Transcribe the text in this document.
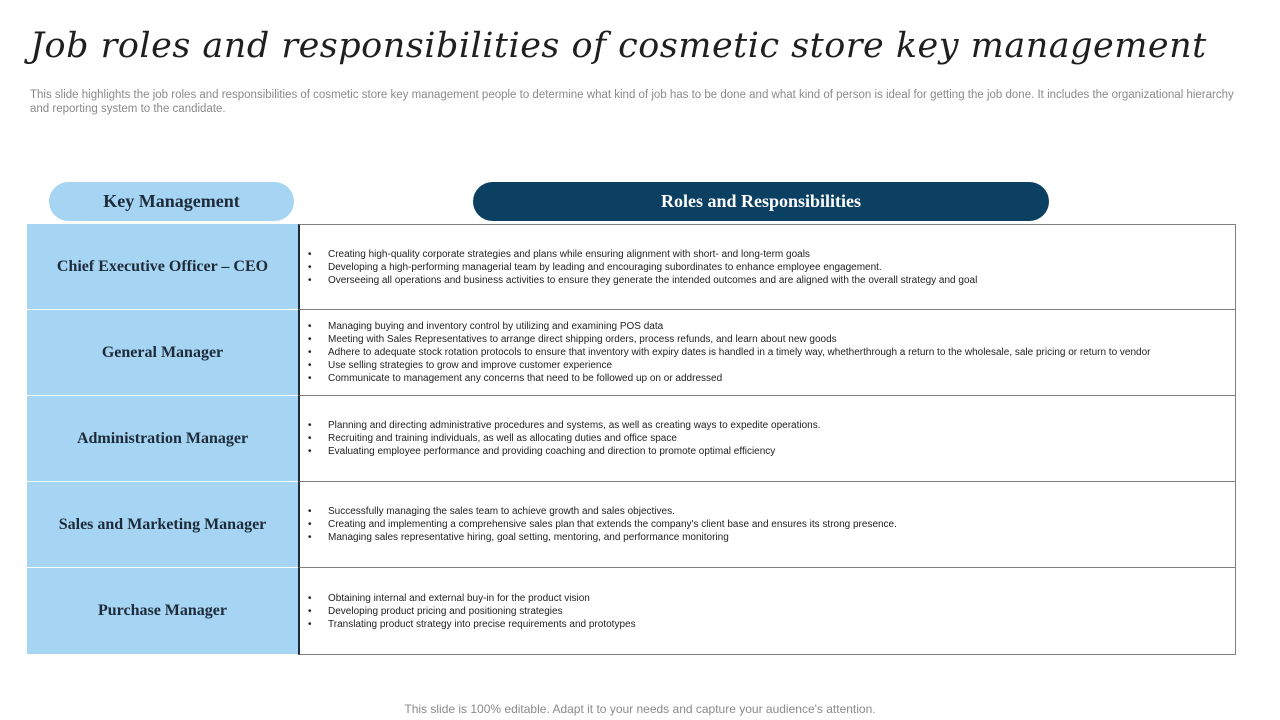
Job roles and responsibilities of cosmetic store key management
This slide highlights the job roles and responsibilities of cosmetic store key management people to determine what kind of job has to be done and what kind of person is ideal for getting the job done. It includes the organizational hierarchy and reporting system to the candidate.
Key Management	Roles and Responsibilities
Chief Executive Officer – CEO
• Creating high-quality corporate strategies and plans while ensuring alignment with short- and long-term goals
• Developing a high-performing managerial team by leading and encouraging subordinates to enhance employee engagement.
• Overseeing all operations and business activities to ensure they generate the intended outcomes and are aligned with the overall strategy and goal
General Manager
• Managing buying and inventory control by utilizing and examining POS data
• Meeting with Sales Representatives to arrange direct shipping orders, process refunds, and learn about new goods
• Adhere to adequate stock rotation protocols to ensure that inventory with expiry dates is handled in a timely way, whetherthrough a return to the wholesale, sale pricing or return to vendor
• Use selling strategies to grow and improve customer experience
• Communicate to management any concerns that need to be followed up on or addressed
Administration Manager
• Planning and directing administrative procedures and systems, as well as creating ways to expedite operations.
• Recruiting and training individuals, as well as allocating duties and office space
• Evaluating employee performance and providing coaching and direction to promote optimal efficiency
Sales and Marketing Manager
• Successfully managing the sales team to achieve growth and sales objectives.
• Creating and implementing a comprehensive sales plan that extends the company's client base and ensures its strong presence.
• Managing sales representative hiring, goal setting, mentoring, and performance monitoring
Purchase Manager
• Obtaining internal and external buy-in for the product vision
• Developing product pricing and positioning strategies
• Translating product strategy into precise requirements and prototypes
This slide is 100% editable. Adapt it to your needs and capture your audience's attention.
